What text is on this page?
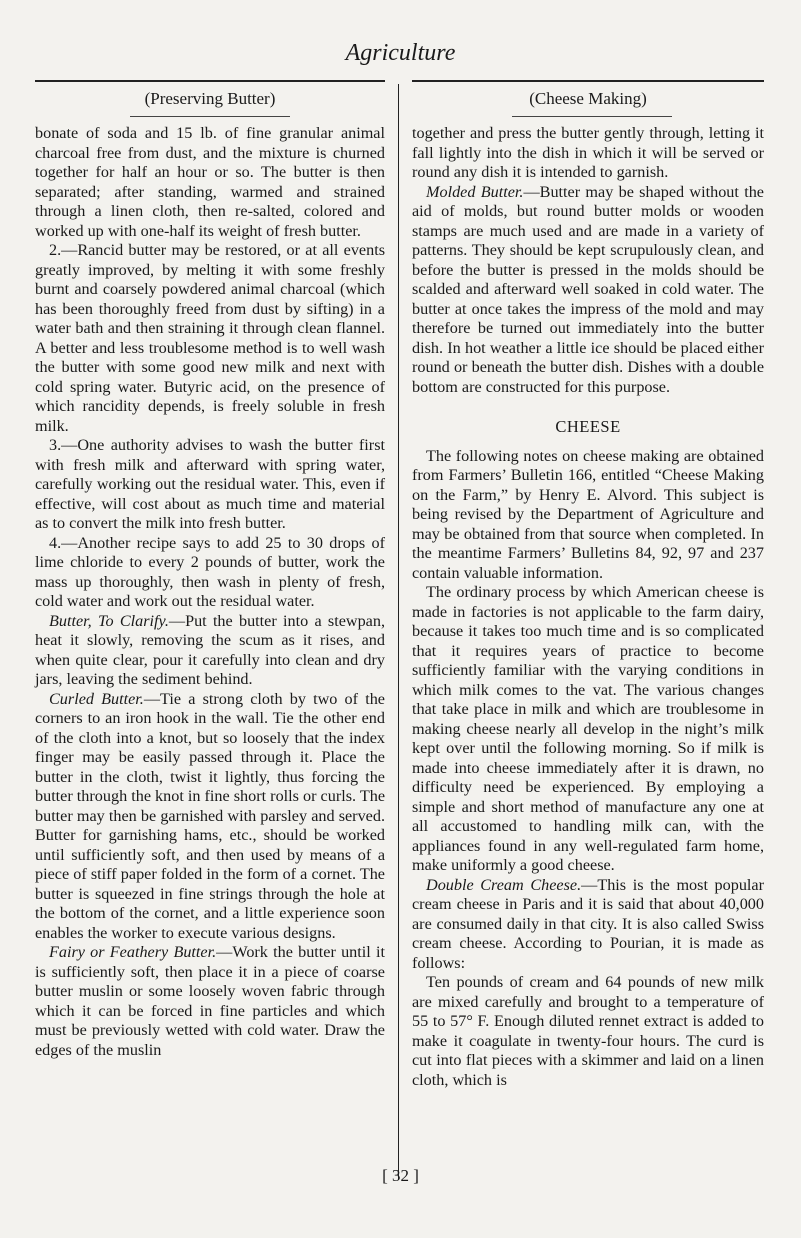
Agriculture
(Preserving Butter)	(Cheese Making)

bonate of soda and 15 lb. of fine granular animal charcoal free from dust, and the mixture is churned together for half an hour or so. The butter is then separated; after standing, warmed and strained through a linen cloth, then re-salted, colored and worked up with one-half its weight of fresh butter.

2.—Rancid butter may be restored, or at all events greatly improved, by melting it with some freshly burnt and coarsely powdered animal charcoal (which has been thoroughly freed from dust by sifting) in a water bath and then straining it through clean flannel. A better and less troublesome method is to well wash the butter with some good new milk and next with cold spring water. Butyric acid, on the presence of which rancidity depends, is freely soluble in fresh milk.

3.—One authority advises to wash the butter first with fresh milk and afterward with spring water, carefully working out the residual water. This, even if effective, will cost about as much time and material as to convert the milk into fresh butter.

4.—Another recipe says to add 25 to 30 drops of lime chloride to every 2 pounds of butter, work the mass up thoroughly, then wash in plenty of fresh, cold water and work out the residual water.

Butter, To Clarify.—Put the butter into a stewpan, heat it slowly, removing the scum as it rises, and when quite clear, pour it carefully into clean and dry jars, leaving the sediment behind.

Curled Butter.—Tie a strong cloth by two of the corners to an iron hook in the wall. Tie the other end of the cloth into a knot, but so loosely that the index finger may be easily passed through it. Place the butter in the cloth, twist it lightly, thus forcing the butter through the knot in fine short rolls or curls. The butter may then be garnished with parsley and served. Butter for garnishing hams, etc., should be worked until sufficiently soft, and then used by means of a piece of stiff paper folded in the form of a cornet. The butter is squeezed in fine strings through the hole at the bottom of the cornet, and a little experience soon enables the worker to execute various designs.

Fairy or Feathery Butter.—Work the butter until it is sufficiently soft, then place it in a piece of coarse butter muslin or some loosely woven fabric through which it can be forced in fine particles and which must be previously wetted with cold water. Draw the edges of the muslin

together and press the butter gently through, letting it fall lightly into the dish in which it will be served or round any dish it is intended to garnish.

Molded Butter.—Butter may be shaped without the aid of molds, but round butter molds or wooden stamps are much used and are made in a variety of patterns. They should be kept scrupulously clean, and before the butter is pressed in the molds should be scalded and afterward well soaked in cold water. The butter at once takes the impress of the mold and may therefore be turned out immediately into the butter dish. In hot weather a little ice should be placed either round or beneath the butter dish. Dishes with a double bottom are constructed for this purpose.

CHEESE

The following notes on cheese making are obtained from Farmers’ Bulletin 166, entitled “Cheese Making on the Farm,” by Henry E. Alvord. This subject is being revised by the Department of Agriculture and may be obtained from that source when completed. In the meantime Farmers’ Bulletins 84, 92, 97 and 237 contain valuable information.

The ordinary process by which American cheese is made in factories is not applicable to the farm dairy, because it takes too much time and is so complicated that it requires years of practice to become sufficiently familiar with the varying conditions in which milk comes to the vat. The various changes that take place in milk and which are troublesome in making cheese nearly all develop in the night’s milk kept over until the following morning. So if milk is made into cheese immediately after it is drawn, no difficulty need be experienced. By employing a simple and short method of manufacture any one at all accustomed to handling milk can, with the appliances found in any well-regulated farm home, make uniformly a good cheese.

Double Cream Cheese.—This is the most popular cream cheese in Paris and it is said that about 40,000 are consumed daily in that city. It is also called Swiss cream cheese. According to Pourian, it is made as follows:

Ten pounds of cream and 64 pounds of new milk are mixed carefully and brought to a temperature of 55 to 57° F. Enough diluted rennet extract is added to make it coagulate in twenty-four hours. The curd is cut into flat pieces with a skimmer and laid on a linen cloth, which is

[ 32 ]
